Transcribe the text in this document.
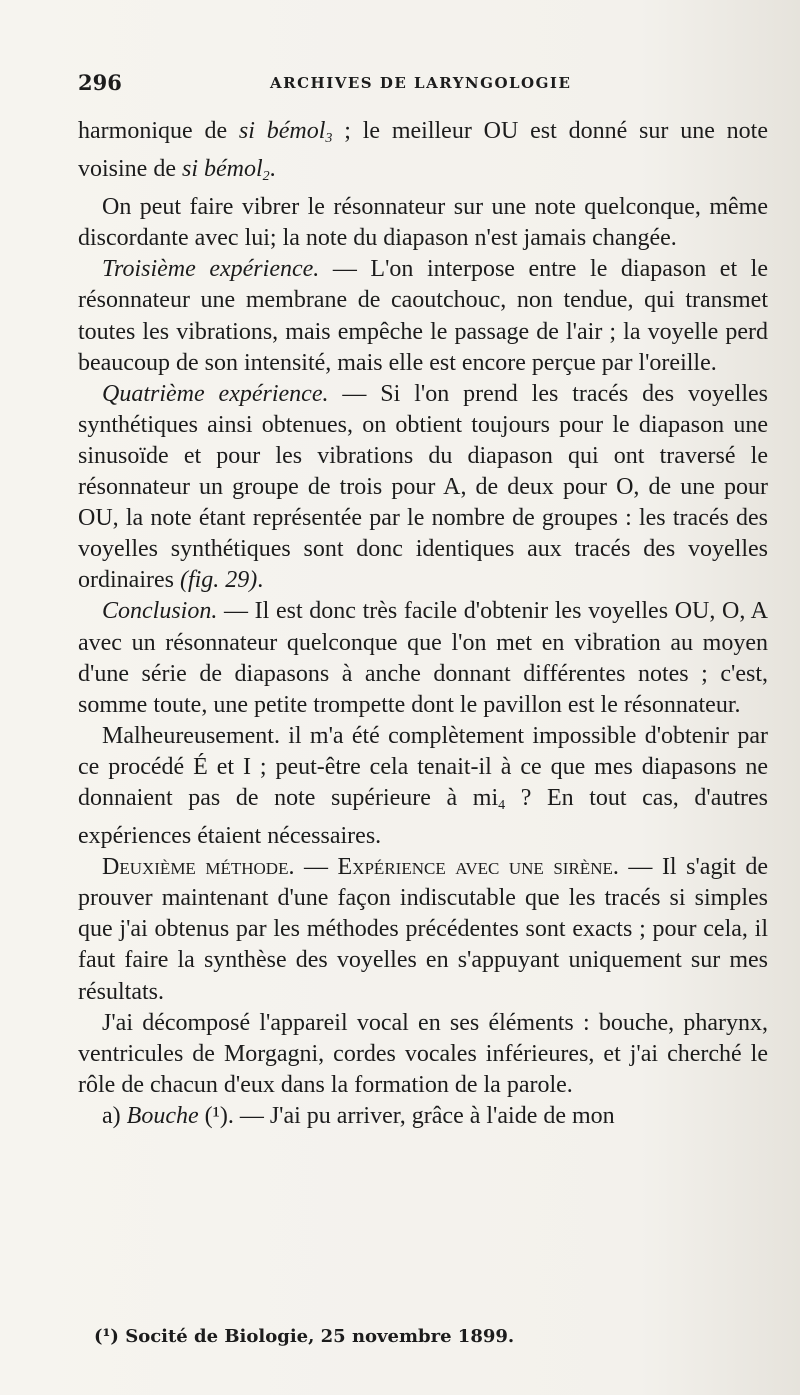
296	ARCHIVES DE LARYNGOLOGIE

harmonique de si bémol$_3$ ; le meilleur OU est donné sur une note voisine de si bémol$_2$.

On peut faire vibrer le résonnateur sur une note quelconque, même discordante avec lui; la note du diapason n'est jamais changée.

Troisième expérience. — L'on interpose entre le diapason et le résonnateur une membrane de caoutchouc, non tendue, qui transmet toutes les vibrations, mais empêche le passage de l'air ; la voyelle perd beaucoup de son intensité, mais elle est encore perçue par l'oreille.

Quatrième expérience. — Si l'on prend les tracés des voyelles synthétiques ainsi obtenues, on obtient toujours pour le diapason une sinusoïde et pour les vibrations du diapason qui ont traversé le résonnateur un groupe de trois pour A, de deux pour O, de une pour OU, la note étant représentée par le nombre de groupes : les tracés des voyelles synthétiques sont donc identiques aux tracés des voyelles ordinaires (fig. 29).

Conclusion. — Il est donc très facile d'obtenir les voyelles OU, O, A avec un résonnateur quelconque que l'on met en vibration au moyen d'une série de diapasons à anche donnant différentes notes ; c'est, somme toute, une petite trompette dont le pavillon est le résonnateur.

Malheureusement. il m'a été complètement impossible d'obtenir par ce procédé É et I ; peut-être cela tenait-il à ce que mes diapasons ne donnaient pas de note supérieure à $mi_4$ ? En tout cas, d'autres expériences étaient nécessaires.

Deuxième méthode. — Expérience avec une sirène. — Il s'agit de prouver maintenant d'une façon indiscutable que les tracés si simples que j'ai obtenus par les méthodes précédentes sont exacts ; pour cela, il faut faire la synthèse des voyelles en s'appuyant uniquement sur mes résultats.

J'ai décomposé l'appareil vocal en ses éléments : bouche, pharynx, ventricules de Morgagni, cordes vocales inférieures, et j'ai cherché le rôle de chacun d'eux dans la formation de la parole.

a) Bouche (¹). — J'ai pu arriver, grâce à l'aide de mon

(¹) Socité de Biologie, 25 novembre 1899.
